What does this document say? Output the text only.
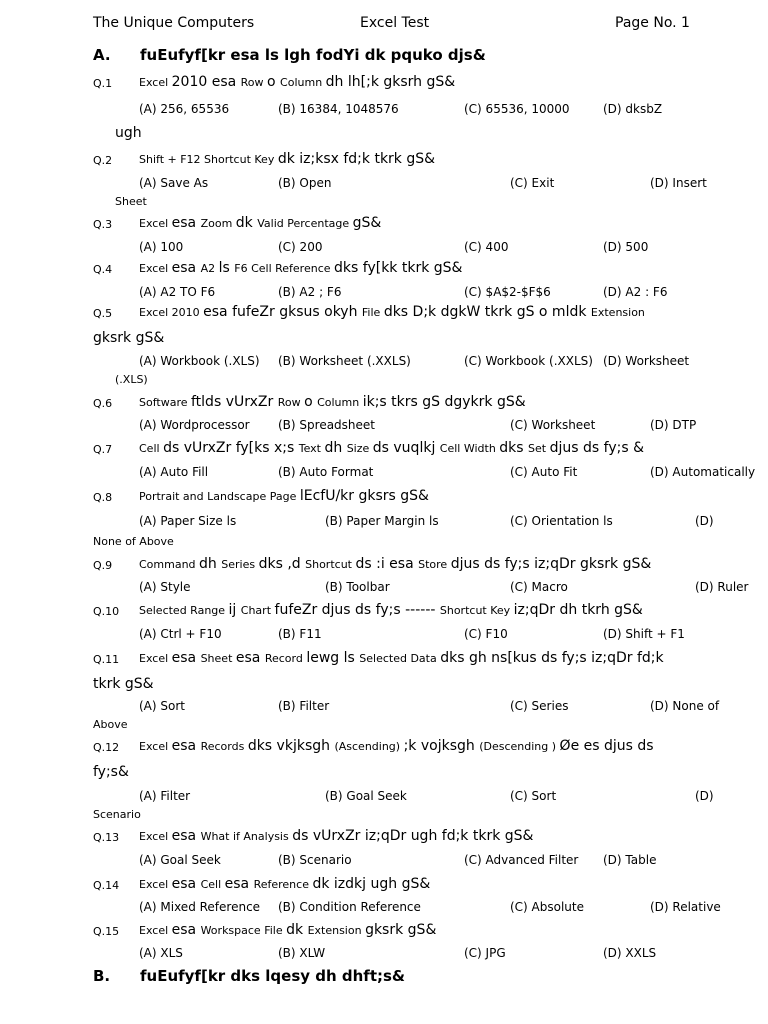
The Unique Computers	Excel Test	Page No. 1
A. fuEufyf[kr esa ls lgh fodYi dk pquko djs&
B. fuEufyf[kr dks lqesy dh dhft;s&
Q.1 Excel 2010 esa Row o Column dh lh[;k gksrh gS&
(A) 256, 65536	(B) 16384, 1048576	(C) 65536, 10000	(D) dksbZ
ugh
Q.2 Shift + F12 Shortcut Key dk iz;ksx fd;k tkrk gS&
(A) Save As	(B) Open	(C) Exit	(D) Insert
Sheet
Q.3 Excel esa Zoom dk Valid Percentage gS&
(A) 100	(C) 200	(C) 400	(D) 500
Q.4 Excel esa A2 ls F6 Cell Reference dks fy[kk tkrk gS&
(A) A2 TO F6	(B) A2 ; F6	(C) $A$2-$F$6	(D) A2 : F6
Q.5 Excel 2010 esa fufeZr gksus okyh File dks D;k dgkW tkrk gS o mldk Extension
gksrk gS&
(A) Workbook (.XLS) (B) Worksheet (.XXLS)	(C) Workbook (.XXLS) (D) Worksheet
(.XLS)
Q.6 Software ftlds vUrxZr Row o Column ik;s tkrs gS dgykrk gS&
(A) Wordprocessor (B) Spreadsheet	(C) Worksheet	(D) DTP
Q.7 Cell ds vUrxZr fy[ks x;s Text dh Size ds vuqlkj Cell Width dks Set djus ds fy;s &
(A) Auto Fill	(B) Auto Format	(C) Auto Fit	(D) Automatically
Q.8 Portrait and Landscape Page lEcfU/kr gksrs gS&
(A) Paper Size ls	(B) Paper Margin ls	(C) Orientation ls	(D)
None of Above
Q.9 Command dh Series dks ,d Shortcut ds :i esa Store djus ds fy;s iz;qDr gksrk gS&
(A) Style	(B) Toolbar	(C) Macro	(D) Ruler
Q.10 Selected Range ij Chart fufeZr djus ds fy;s ------ Shortcut Key iz;qDr dh tkrh gS&
(A) Ctrl + F10	(B) F11	(C) F10	(D) Shift + F1
Q.11 Excel esa Sheet esa Record lewg ls Selected Data dks gh ns[kus ds fy;s iz;qDr fd;k
tkrk gS&
(A) Sort	(B) Filter	(C) Series	(D) None of
Above
Q.12 Excel esa Records dks vkjksgh (Ascending) ;k vojksgh (Descending ) Øe es djus ds
fy;s&
(A) Filter	(B) Goal Seek	(C) Sort	(D)
Scenario
Q.13 Excel esa What if Analysis ds vUrxZr iz;qDr ugh fd;k tkrk gS&
(A) Goal Seek	(B) Scenario	(C) Advanced Filter (D) Table
Q.14 Excel esa Cell esa Reference dk izdkj ugh gS&
(A) Mixed Reference (B) Condition Reference	(C) Absolute	(D) Relative
Q.15 Excel esa Workspace File dk Extension gksrk gS&
(A) XLS	(B) XLW	(C) JPG	(D) XXLS
